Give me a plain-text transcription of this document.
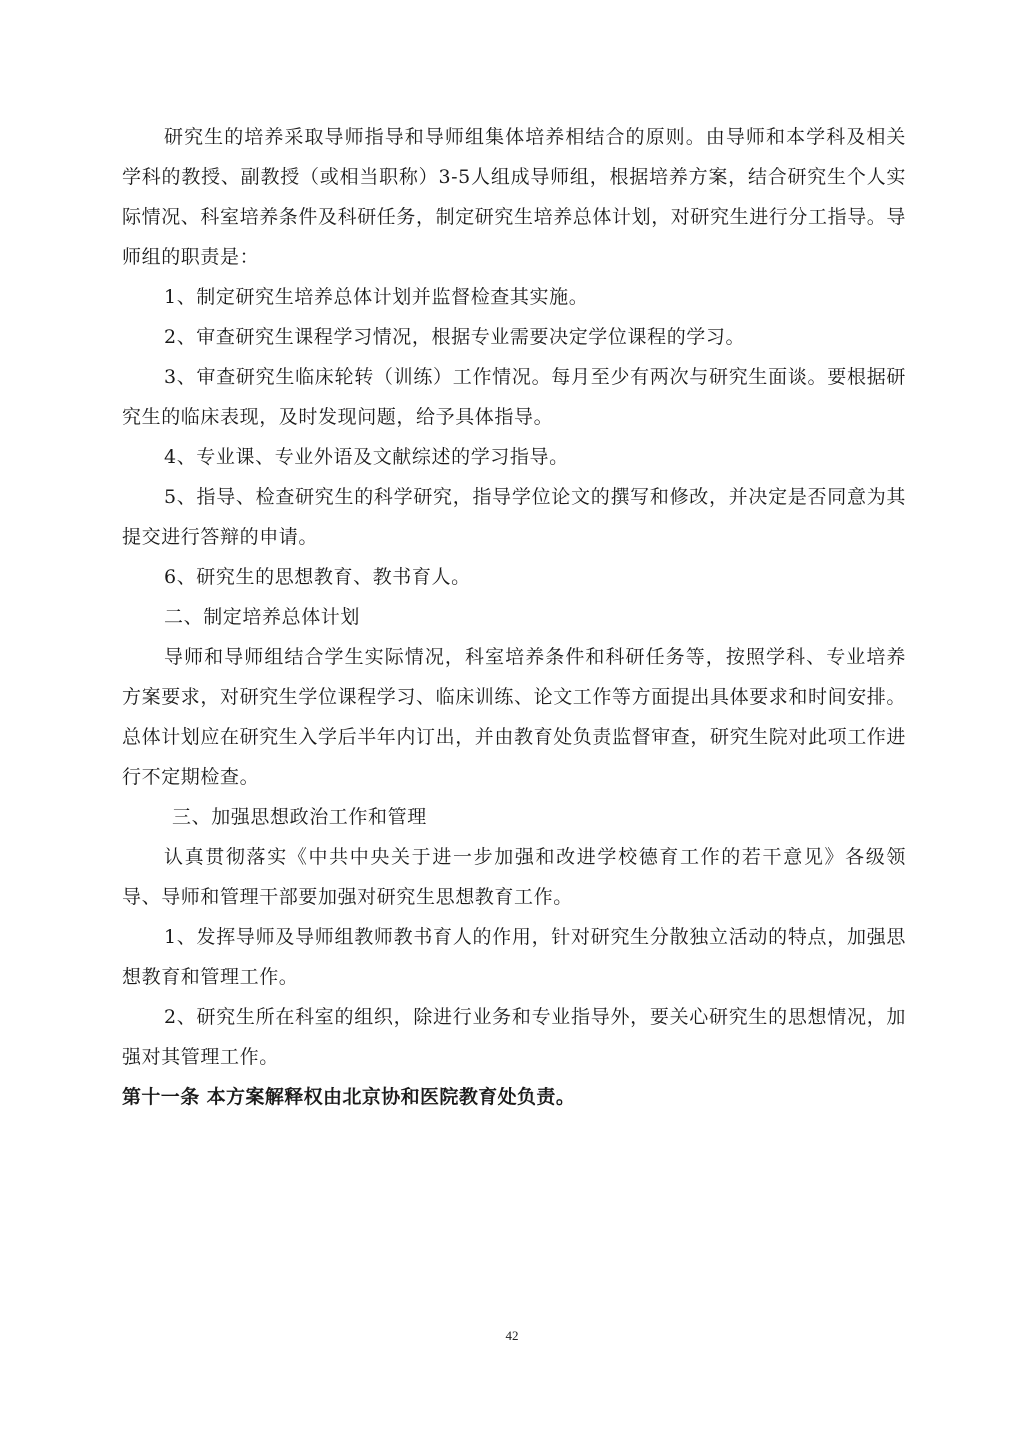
研究生的培养采取导师指导和导师组集体培养相结合的原则。由导师和本学科及相关学科的教授、副教授（或相当职称）3-5人组成导师组，根据培养方案，结合研究生个人实际情况、科室培养条件及科研任务，制定研究生培养总体计划，对研究生进行分工指导。导师组的职责是：

1、制定研究生培养总体计划并监督检查其实施。

2、审查研究生课程学习情况，根据专业需要决定学位课程的学习。

3、审查研究生临床轮转（训练）工作情况。每月至少有两次与研究生面谈。要根据研究生的临床表现，及时发现问题，给予具体指导。

4、专业课、专业外语及文献综述的学习指导。

5、指导、检查研究生的科学研究，指导学位论文的撰写和修改，并决定是否同意为其提交进行答辩的申请。

6、研究生的思想教育、教书育人。

二、制定培养总体计划

导师和导师组结合学生实际情况，科室培养条件和科研任务等，按照学科、专业培养方案要求，对研究生学位课程学习、临床训练、论文工作等方面提出具体要求和时间安排。总体计划应在研究生入学后半年内订出，并由教育处负责监督审查，研究生院对此项工作进行不定期检查。

三、加强思想政治工作和管理

认真贯彻落实《中共中央关于进一步加强和改进学校德育工作的若干意见》各级领导、导师和管理干部要加强对研究生思想教育工作。

1、发挥导师及导师组教师教书育人的作用，针对研究生分散独立活动的特点，加强思想教育和管理工作。

2、研究生所在科室的组织，除进行业务和专业指导外，要关心研究生的思想情况，加强对其管理工作。

第十一条 本方案解释权由北京协和医院教育处负责。

42
